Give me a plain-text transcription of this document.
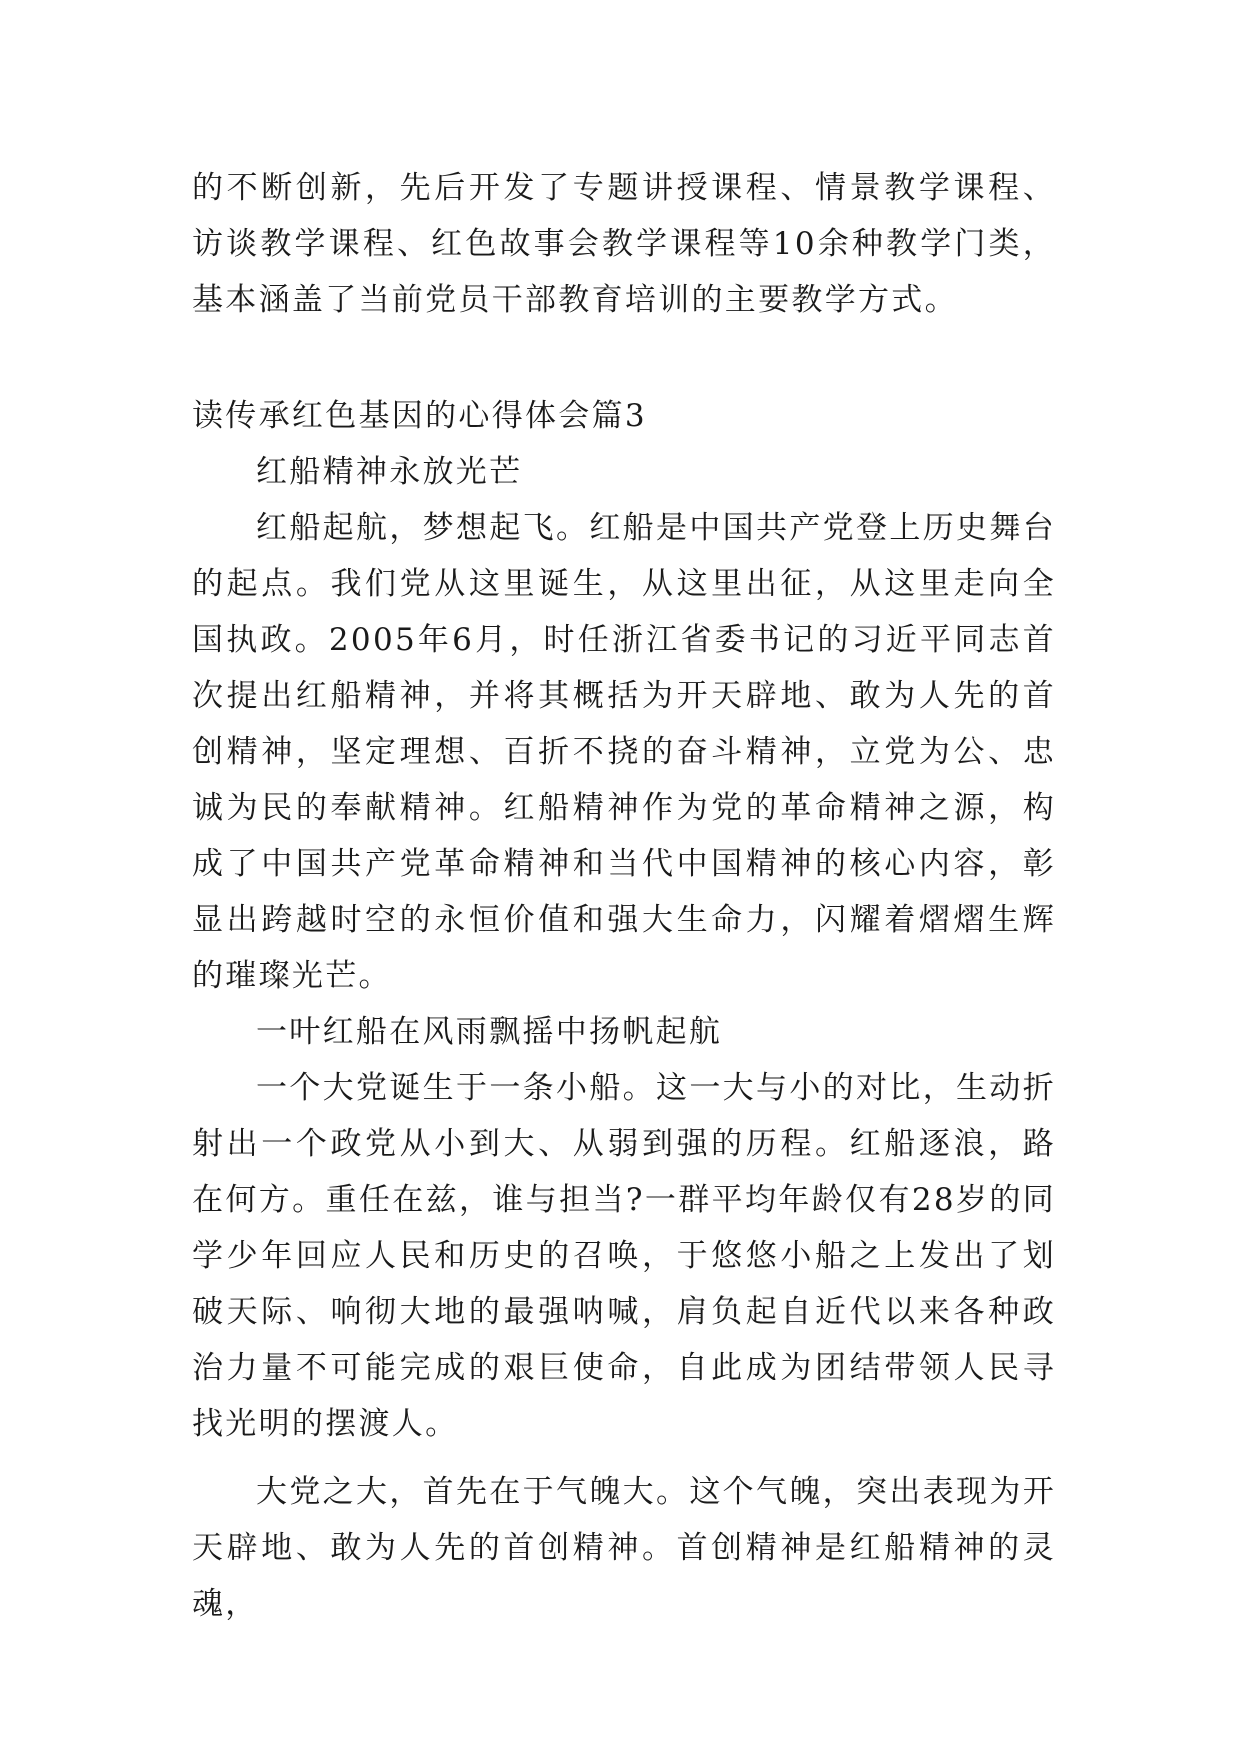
的不断创新，先后开发了专题讲授课程、情景教学课程、访谈教学课程、红色故事会教学课程等10余种教学门类，基本涵盖了当前党员干部教育培训的主要教学方式。

读传承红色基因的心得体会篇3

红船精神永放光芒

红船起航，梦想起飞。红船是中国共产党登上历史舞台的起点。我们党从这里诞生，从这里出征，从这里走向全国执政。2005年6月，时任浙江省委书记的习近平同志首次提出红船精神，并将其概括为开天辟地、敢为人先的首创精神，坚定理想、百折不挠的奋斗精神，立党为公、忠诚为民的奉献精神。红船精神作为党的革命精神之源，构成了中国共产党革命精神和当代中国精神的核心内容，彰显出跨越时空的永恒价值和强大生命力，闪耀着熠熠生辉的璀璨光芒。

一叶红船在风雨飘摇中扬帆起航

一个大党诞生于一条小船。这一大与小的对比，生动折射出一个政党从小到大、从弱到强的历程。红船逐浪，路在何方。重任在兹，谁与担当?一群平均年龄仅有28岁的同学少年回应人民和历史的召唤，于悠悠小船之上发出了划破天际、响彻大地的最强呐喊，肩负起自近代以来各种政治力量不可能完成的艰巨使命，自此成为团结带领人民寻找光明的摆渡人。

大党之大，首先在于气魄大。这个气魄，突出表现为开天辟地、敢为人先的首创精神。首创精神是红船精神的灵魂，
